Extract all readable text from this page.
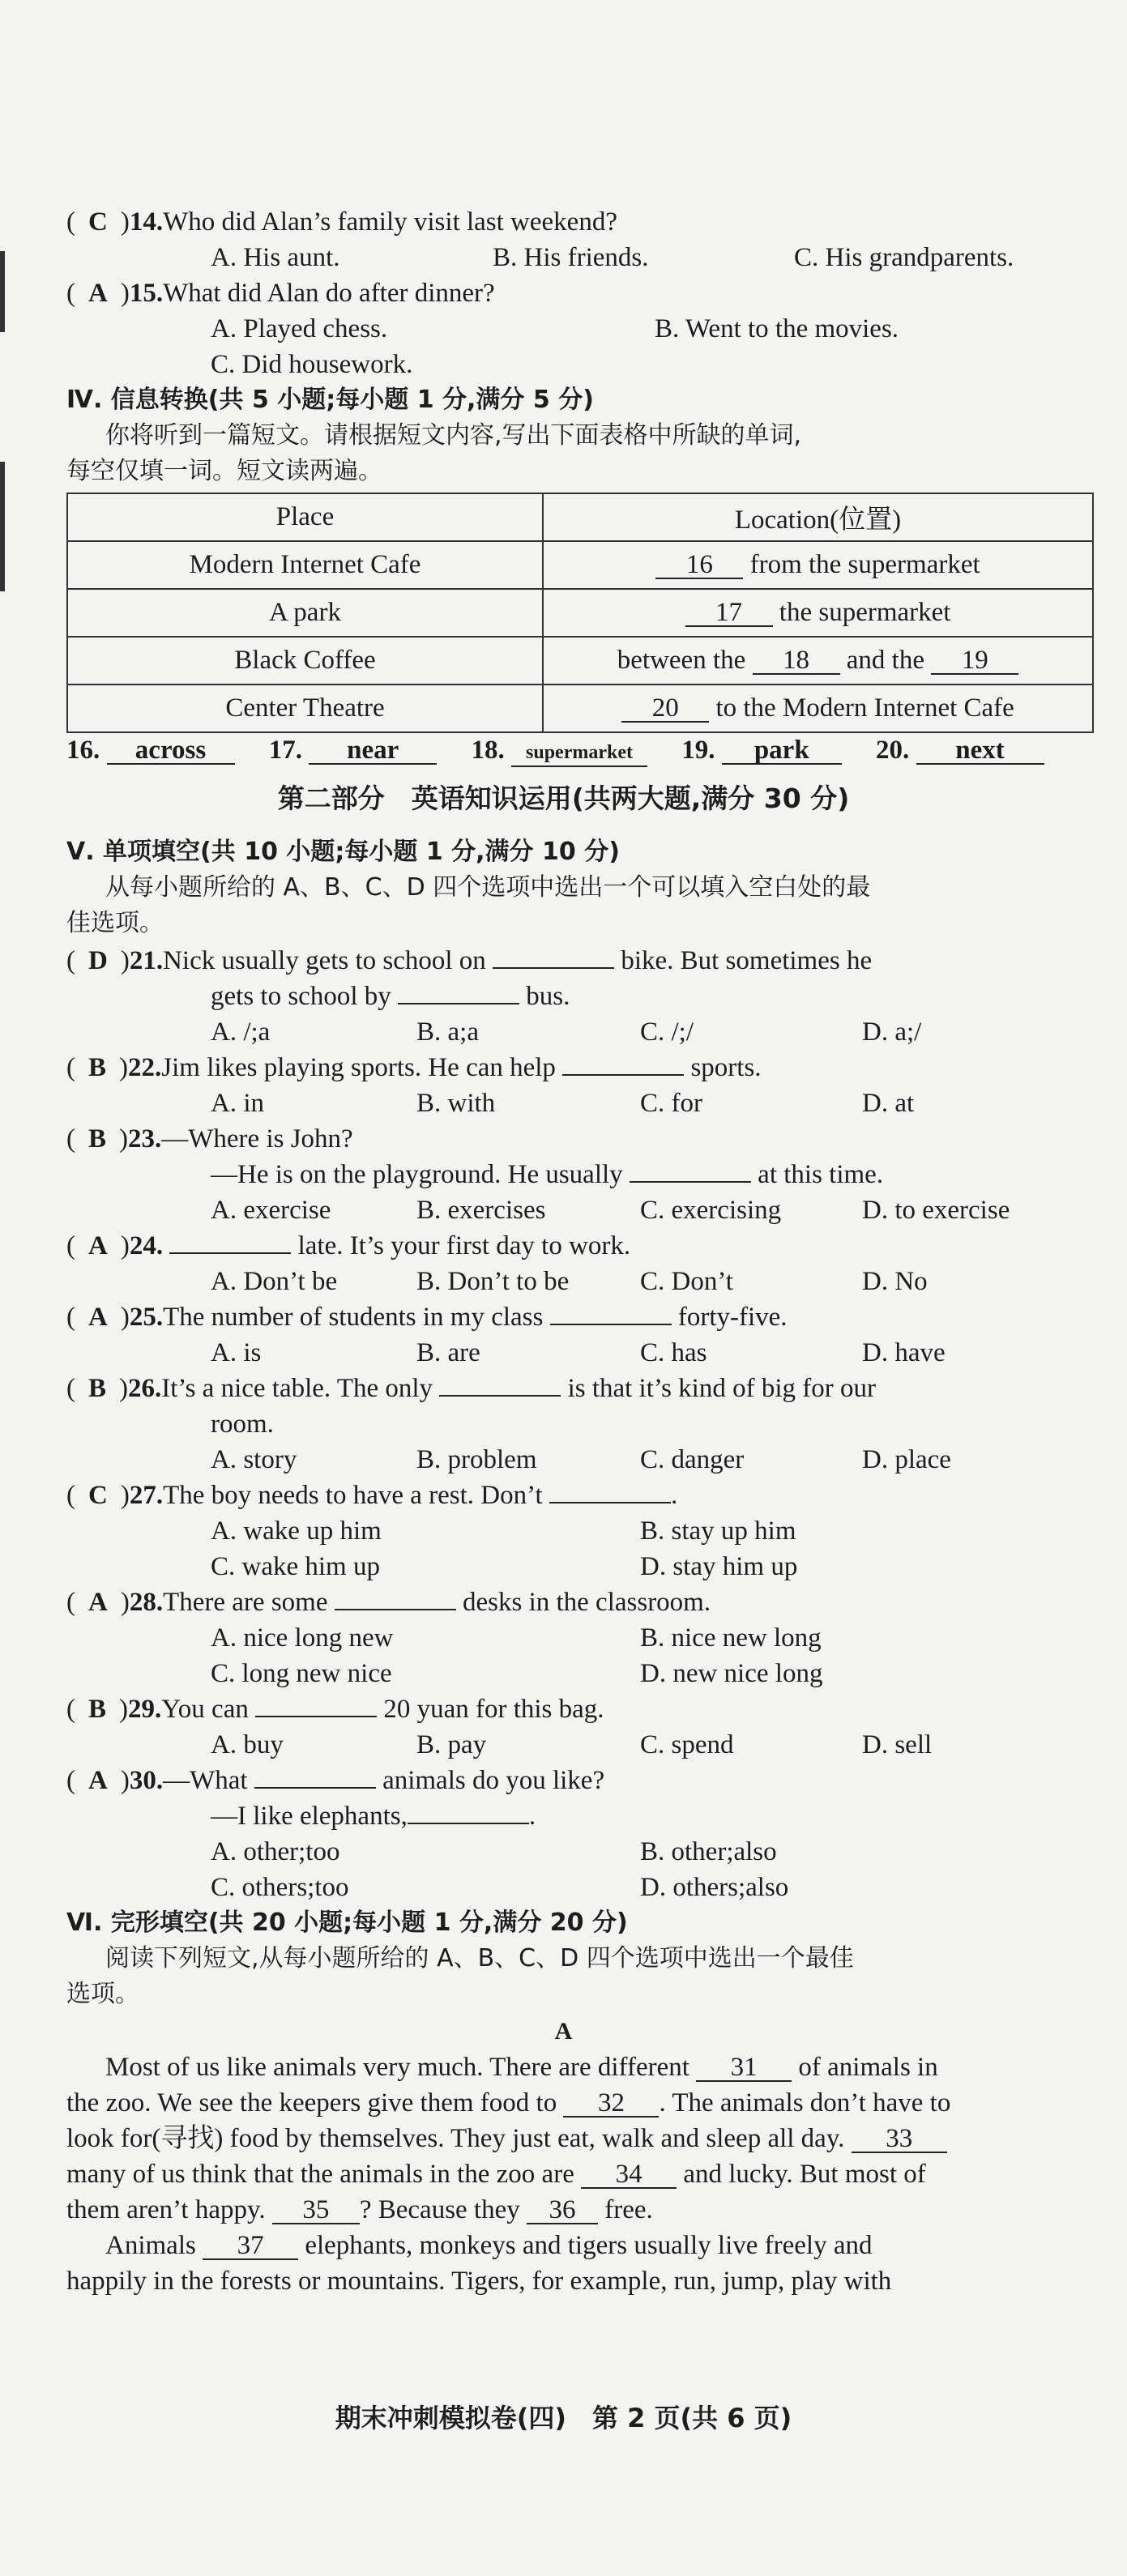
( C )14.Who did Alan’s family visit last weekend?
A. His aunt.	B. His friends.	C. His grandparents.
( A )15.What did Alan do after dinner?
A. Played chess.	B. Went to the movies.
C. Did housework.
Ⅳ. 信息转换(共 5 小题;每小题 1 分,满分 5 分)
你将听到一篇短文。请根据短文内容,写出下面表格中所缺的单词,
每空仅填一词。短文读两遍。
Place	Location(位置)
Modern Internet Cafe	16 from the supermarket
A park	17 the supermarket
Black Coffee	between the 18 and the 19
Center Theatre	20 to the Modern Internet Cafe
16. across 17. near	18. supermarket 19. park 20. next
第二部分　英语知识运用(共两大题,满分 30 分)
Ⅴ. 单项填空(共 10 小题;每小题 1 分,满分 10 分)
从每小题所给的 A、B、C、D 四个选项中选出一个可以填入空白处的最
佳选项。
( D )21.Nick usually gets to school on	bike. But sometimes he
gets to school by	bus.
A. /;a	B. a;a	C. /;/	D. a;/
( B )22.Jim likes playing sports. He can help	sports.
A. in	B. with	C. for	D. at
( B )23.—Where is John?
—He is on the playground. He usually	at this time.
A. exercise	B. exercises	C. exercising	D. to exercise
( A )24.	late. It’s your first day to work.
A. Don’t be	B. Don’t to be	C. Don’t	D. No
( A )25.The number of students in my class	forty-five.
A. is	B. are	C. has	D. have
( B )26.It’s a nice table. The only	is that it’s kind of big for our
room.
A. story	B. problem	C. danger	D. place
( C )27.The boy needs to have a rest. Don’t	.
A. wake up him	B. stay up him
C. wake him up	D. stay him up
( A )28.There are some	desks in the classroom.
A. nice long new	B. nice new long
C. long new nice	D. new nice long
( B )29.You can	20 yuan for this bag.
A. buy	B. pay	C. spend	D. sell
( A )30.—What	animals do you like?
—I like elephants,	.
A. other;too	B. other;also
C. others;too	D. others;also
Ⅵ. 完形填空(共 20 小题;每小题 1 分,满分 20 分)
阅读下列短文,从每小题所给的 A、B、C、D 四个选项中选出一个最佳
选项。
A
Most of us like animals very much. There are different 31 of animals in
the zoo. We see the keepers give them food to 32 . The animals don’t have to
look for(寻找) food by themselves. They just eat, walk and sleep all day. 33
many of us think that the animals in the zoo are 34 and lucky. But most of
them aren’t happy. 35 ? Because they 36 free.
Animals 37 elephants, monkeys and tigers usually live freely and
happily in the forests or mountains. Tigers, for example, run, jump, play with
期末冲刺模拟卷(四)　第 2 页(共 6 页)
